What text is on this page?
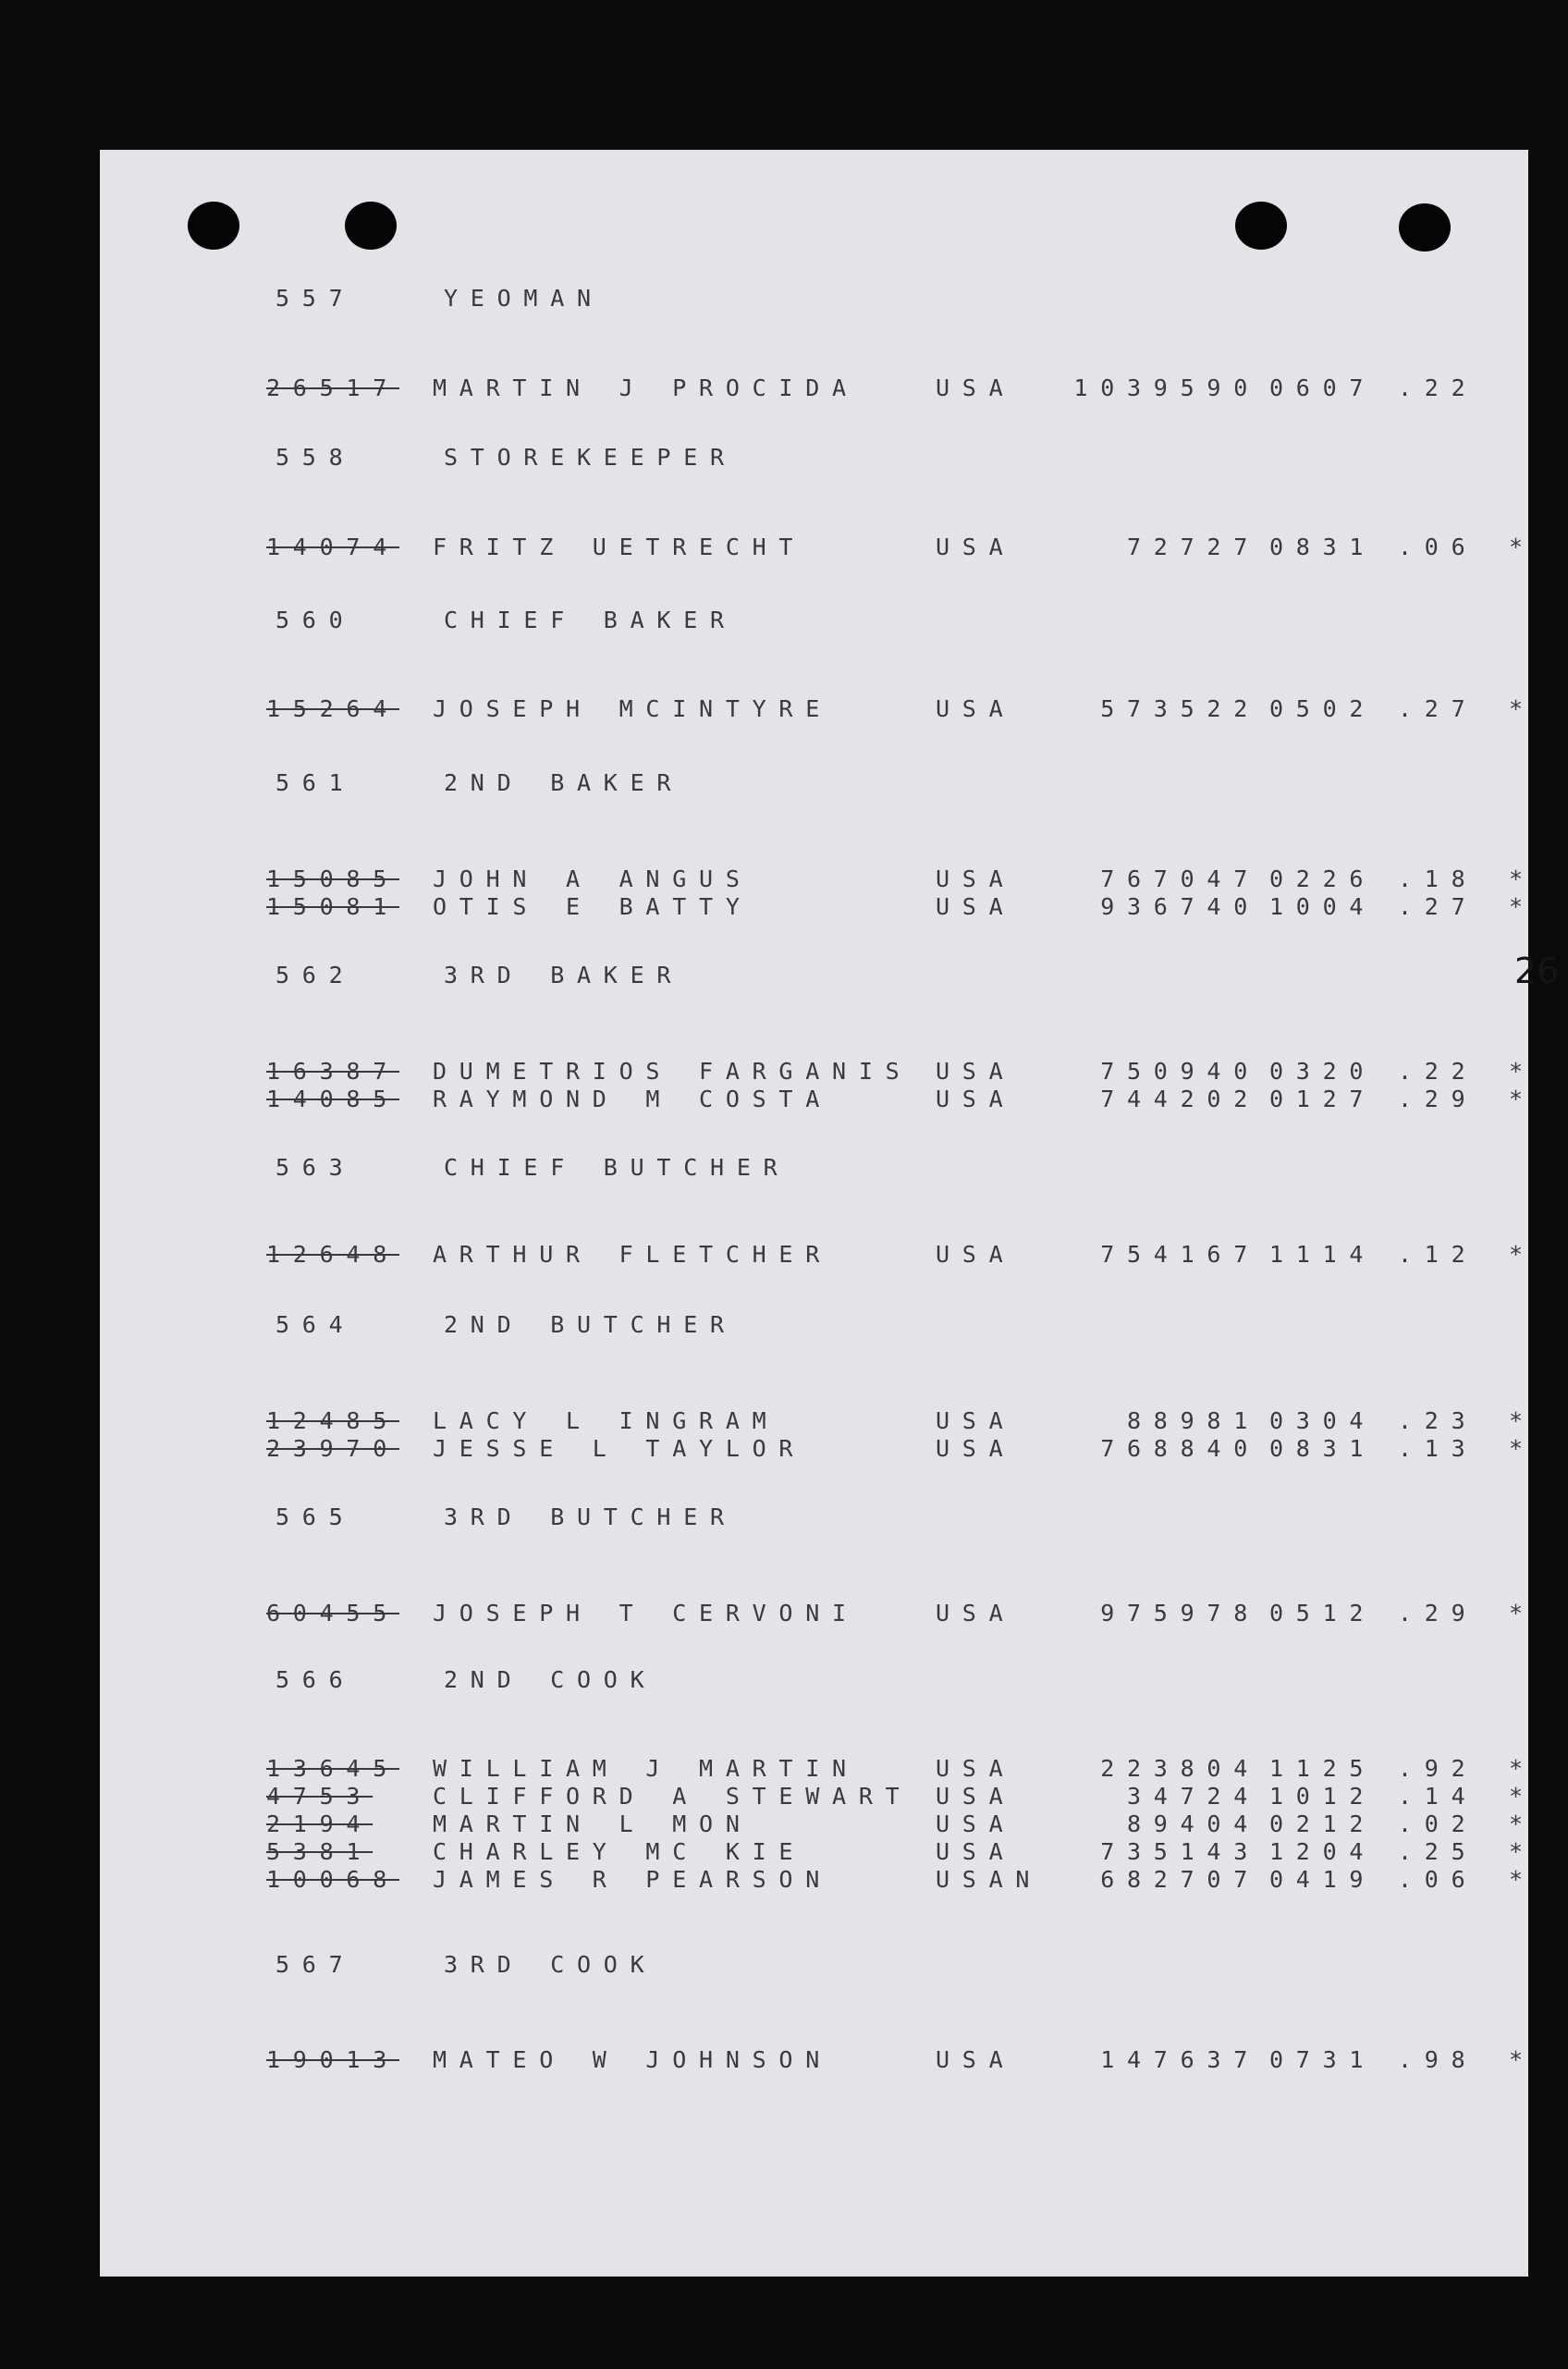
26
557	YEOMAN
26517 MARTIN J PROCIDA	USA	1039590 0607 .22
558	STOREKEEPER
14074 FRITZ UETRECHT	USA	72727 0831 .06 *
560	CHIEF BAKER
15264 JOSEPH MCINTYRE	USA	573522 0502 .27 *
561	2ND BAKER
15085 JOHN A ANGUS	USA	767047 0226 .18 *
15081 OTIS E BATTY	USA	936740 1004 .27 *
562	3RD BAKER
16387 DUMETRIOS FARGANIS USA	750940 0320 .22 *
14085 RAYMOND M COSTA	USA	744202 0127 .29 *
563	CHIEF BUTCHER
12648 ARTHUR FLETCHER	USA	754167 1114 .12 *
564	2ND BUTCHER
12485 LACY L INGRAM	USA	88981 0304 .23 *
23970 JESSE L TAYLOR	USA	768840 0831 .13 *
565	3RD BUTCHER
60455 JOSEPH T CERVONI	USA	975978 0512 .29 *
566	2ND COOK
13645 WILLIAM J MARTIN	USA	223804 1125 .92 *
4753	CLIFFORD A STEWART USA	34724 1012 .14 *
2194	MARTIN L MON	USA	89404 0212 .02 *
5381	CHARLEY MC KIE	USA	735143 1204 .25 *
10068 JAMES R PEARSON	USAN	682707 0419 .06 *
567	3RD COOK
19013 MATEO W JOHNSON	USA	147637 0731 .98 *
